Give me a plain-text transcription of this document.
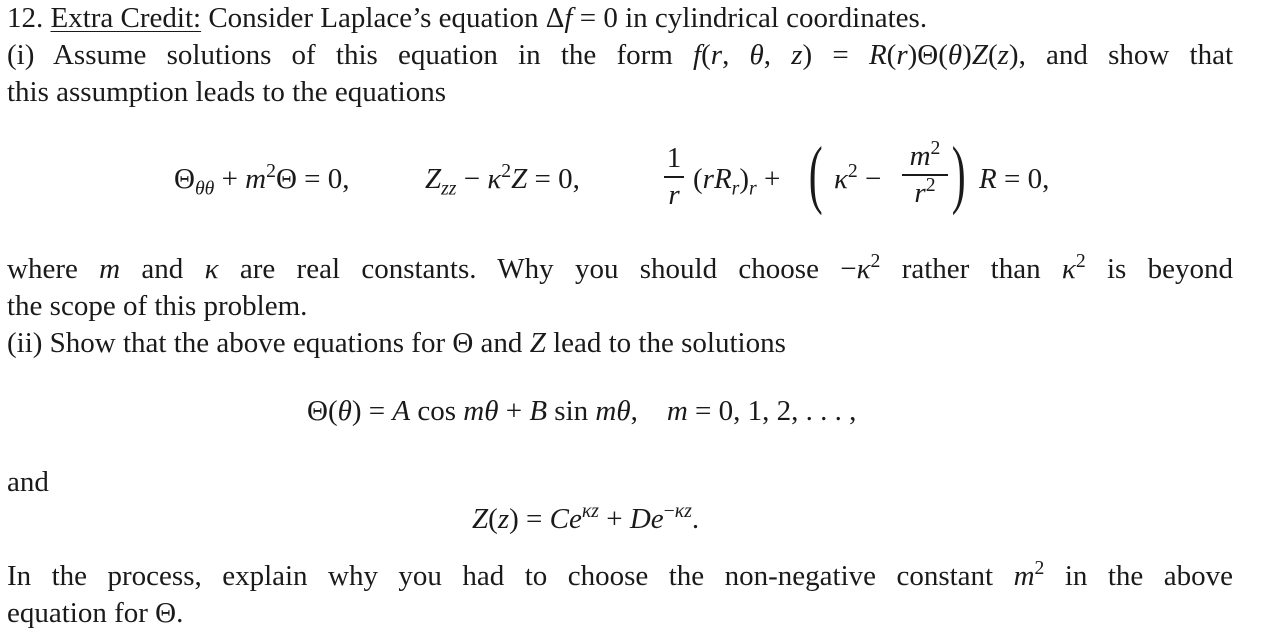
12. Extra Credit: Consider Laplace’s equation Δf = 0 in cylindrical coordinates.
(i) Assume solutions of this equation in the form f(r, θ, z) = R(r)Θ(θ)Z(z), and show that
this assumption leads to the equations
$\Theta_{\theta\theta} + m^2\Theta = 0$,	$Z_{zz} - \kappa^2Z = 0$,
1
r $(rR_r)_r$ + ( $\kappa^2$ −
$m^2$
$r^2$ ) R = 0,
where m and κ are real constants. Why you should choose $-\kappa^2$ rather than $\kappa^2$ is beyond
the scope of this problem.
(ii) Show that the above equations for Θ and Z lead to the solutions
Θ(θ) = A cos mθ + B sin mθ,    m = 0, 1, 2, . . . ,
and
$Z(z) = Ce^{\kappa z} + De^{-\kappa z}$.
In the process, explain why you had to choose the non-negative constant $m^2$ in the above
equation for Θ.
